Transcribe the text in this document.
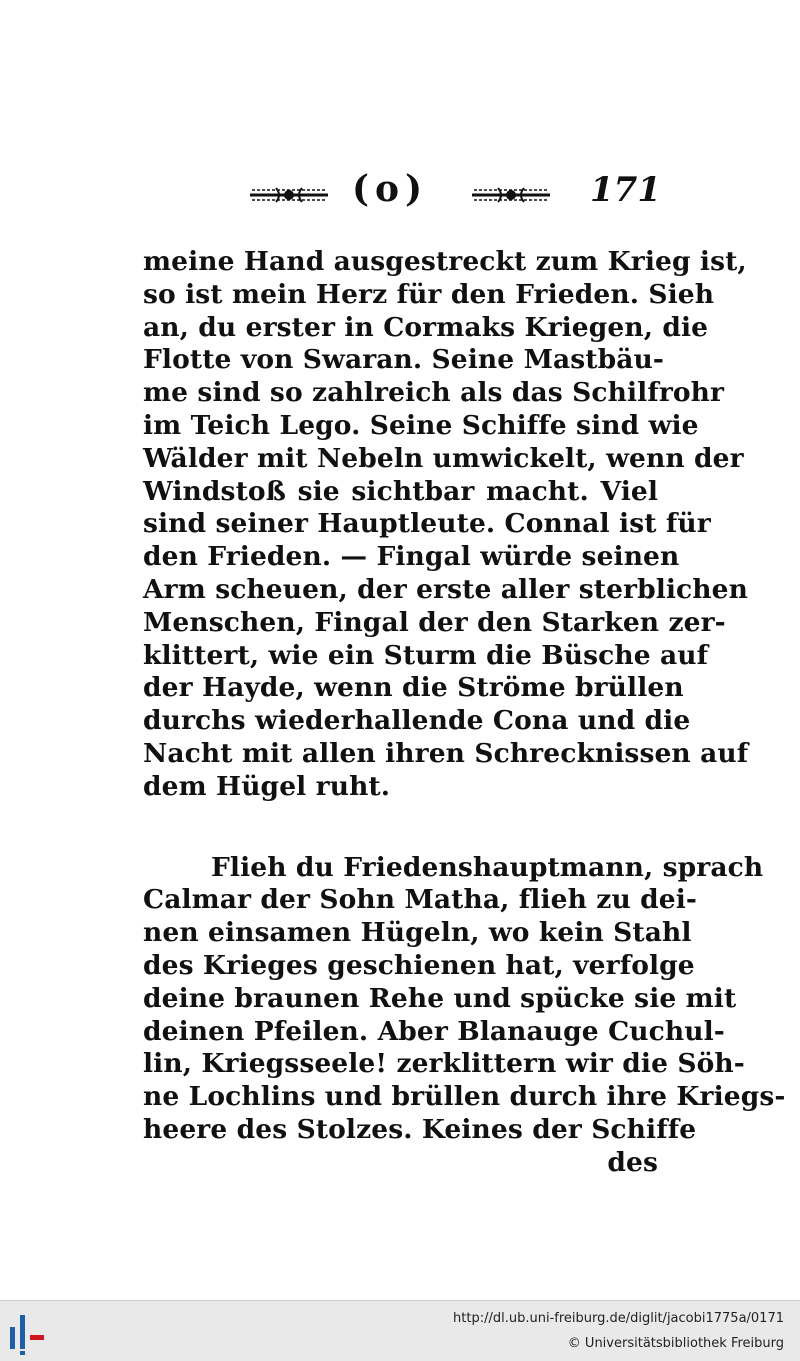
(o)	171
meine Hand ausgestreckt zum Krieg ist,
so ist mein Herz für den Frieden. Sieh
an, du erster in Cormaks Kriegen, die
Flotte von Swaran. Seine Mastbäu-
me sind so zahlreich als das Schilfrohr
im Teich Lego. Seine Schiffe sind wie
Wälder mit Nebeln umwickelt, wenn der
Windstoß sie sichtbar macht. Viel
sind seiner Hauptleute. Connal ist für
den Frieden. — Fingal würde seinen
Arm scheuen, der erste aller sterblichen
Menschen, Fingal der den Starken zer-
klittert, wie ein Sturm die Büsche auf
der Hayde, wenn die Ströme brüllen
durchs wiederhallende Cona und die
Nacht mit allen ihren Schrecknissen auf
dem Hügel ruht.
Flieh du Friedenshauptmann, sprach
Calmar der Sohn Matha, flieh zu dei-
nen einsamen Hügeln, wo kein Stahl
des Krieges geschienen hat, verfolge
deine braunen Rehe und spücke sie mit
deinen Pfeilen. Aber Blanauge Cuchul-
lin, Kriegsseele! zerklittern wir die Söh-
ne Lochlins und brüllen durch ihre Kriegs-
heere des Stolzes. Keines der Schiffe
des
http://dl.ub.uni-freiburg.de/diglit/jacobi1775a/0171
© Universitätsbibliothek Freiburg
